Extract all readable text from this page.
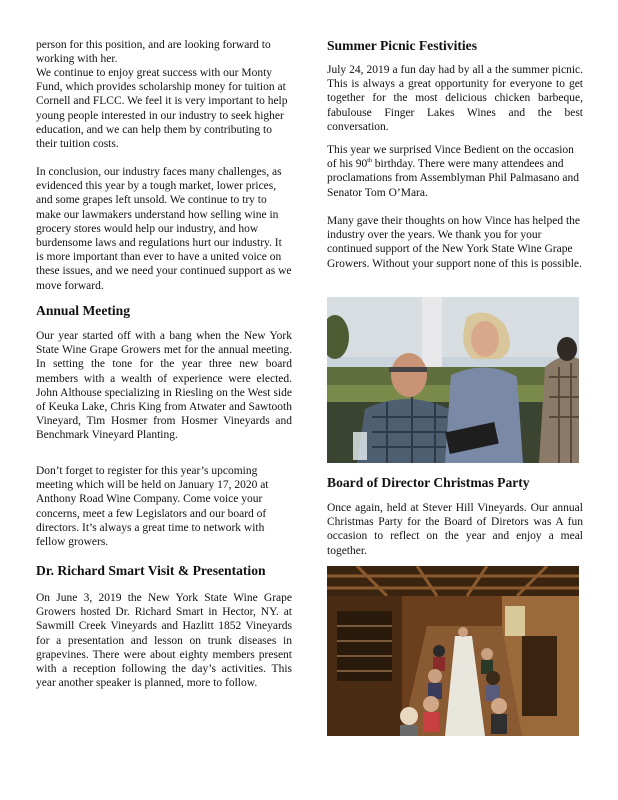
person for this position, and are looking forward to working with her.

We continue to enjoy great success with our Monty Fund, which provides scholarship money for tuition at Cornell and FLCC. We feel it is very important to help young people interested in our industry to seek higher education, and we can help them by contributing to their tuition costs.

In conclusion, our industry faces many challenges, as evidenced this year by a tough market, lower prices, and some grapes left unsold. We continue to try to make our lawmakers understand how selling wine in grocery stores would help our industry, and how burdensome laws and regulations hurt our industry. It is more important than ever to have a united voice on these issues, and we need your continued support as we move forward.

Annual Meeting

Our year started off with a bang when the New York State Wine Grape Growers met for the annual meeting. In setting the tone for the year three new board members with a wealth of experience were elected. John Althouse specializing in Riesling on the West side of Keuka Lake, Chris King from Atwater and Sawtooth Vineyard, Tim Hosmer from Hosmer Vineyards and Benchmark Vineyard Planting.

Don’t forget to register for this year’s upcoming meeting which will be held on January 17, 2020 at Anthony Road Wine Company. Come voice your concerns, meet a few Legislators and our board of directors. It’s always a great time to network with fellow growers.

Dr. Richard Smart Visit & Presentation

On June 3, 2019 the New York State Wine Grape Growers hosted Dr. Richard Smart in Hector, NY. at Sawmill Creek Vineyards and Hazlitt 1852 Vineyards for a presentation and lesson on trunk diseases in grapevines. There were about eighty members present with a reception following the day’s activities. This year another speaker is planned, more to follow.

Summer Picnic Festivities

July 24, 2019 a fun day had by all a the summer picnic. This is always a great opportunity for everyone to get together for the most delicious chicken barbeque, fabulouse Finger Lakes Wines and the best conversation.

This year we surprised Vince Bedient on the occasion of his 90th birthday. There were many attendees and proclamations from Assemblyman Phil Palmasano and Senator Tom O’Mara.

Many gave their thoughts on how Vince has helped the industry over the years. We thank you for your continued support of the New York State Wine Grape Growers. Without your support none of this is possible.

Board of Director Christmas Party

Once again, held at Stever Hill Vineyards. Our annual Christmas Party for the Board of Diretors was A fun occasion to reflect on the year and enjoy a meal together.
